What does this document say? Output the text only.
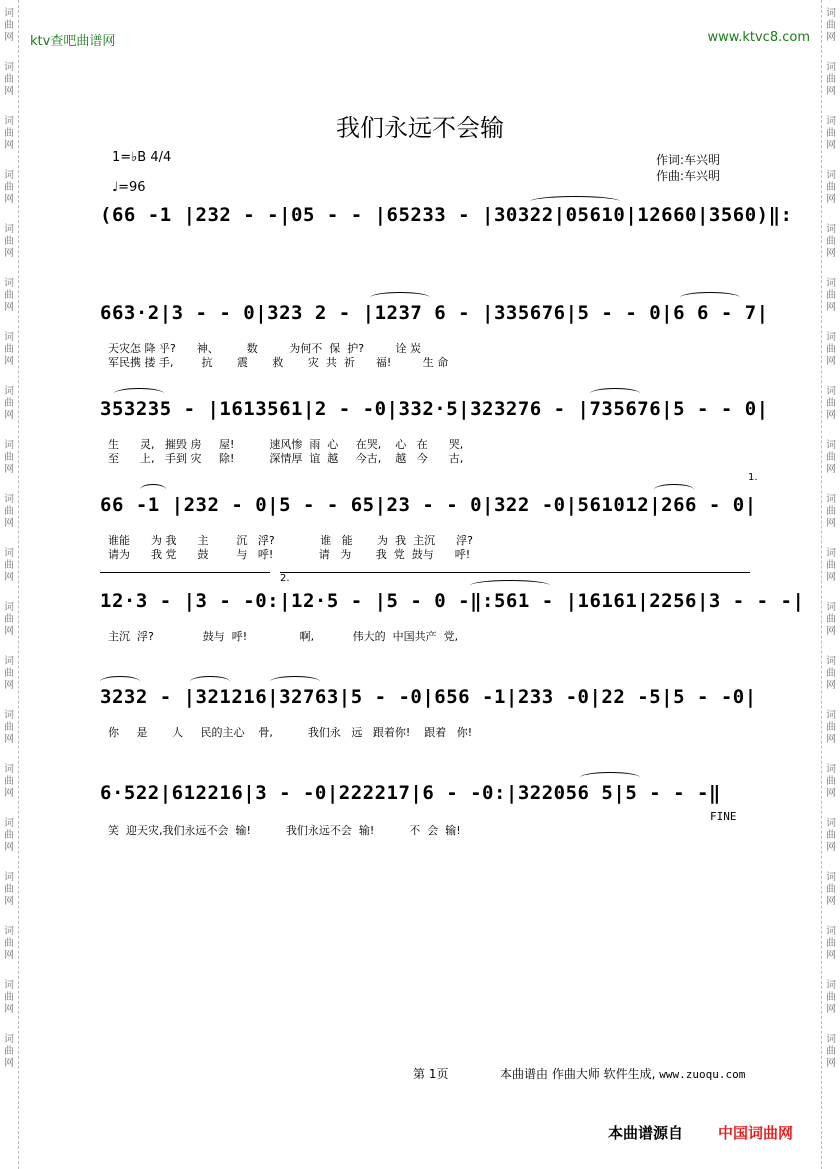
词
曲
网
词
曲
网
词
曲
网
词
曲
网
词
曲
网
词
曲
网
词
曲
网
词
曲
网
词
曲
网
词
曲
网
词
曲
网
词
曲
网
词
曲
网
词
曲
网
词
曲
网
词
曲
网
词
曲
网
词
曲
网
词
曲
网
词
曲
网
词
曲
网
词
曲
网
词
曲
网
词
曲
网
词
曲
网
词
曲
网
词
曲
网
词
曲
网
词
曲
网
词
曲
网
词
曲
网
词
曲
网
词
曲
网
词
曲
网
词
曲
网
词
曲
网
词
曲
网
词
曲
网
词
曲
网
词
曲
网
ktv查吧曲谱网	www.ktvc8.com
我们永远不会输
1=♭B 4/4
♩=96
作词:车兴明
作曲:车兴明
(66 -1 |232 - -|05 - - |65233 - |30322|05610|12660|3560)‖:
663·2|3 - - 0|323 2 - |1237 6 - |335676|5 - - 0|6 6 - 7|
天灾怎 降 乎?      神、        数         为何不  保  护?         诠 炭
军民携 搂 手,        抗       震       救       灾  共  祈      福!         生 命
353235 - |1613561|2 - -0|332·5|323276 - |735676|5 - - 0|
生      灵,   摧毁 房     屋!          速风惨  雨  心     在哭,    心   在      哭,
至      上,   手到 灾     除!          深情厚  谊  越     今古,    越   今      古,
66 -1 |232 - 0|5 - - 65|23 - - 0|322 -0|561012|266 - 0|
谁能      为 我      主        沉   浮?             谁   能       为  我  主沉      浮?
请为      我 党      鼓        与   呼!             请   为       我  党  鼓与      呼!
1.
2.
12·3 - |3 - -0:|12·5 - |5 - 0 -‖:561 - |16161|2256|3 - - -|
主沉  浮?              鼓与  呼!               啊,           伟大的  中国共产  党,
3232 - |321216|32763|5 - -0|656 -1|233 -0|22 -5|5 - -0|
你     是       人     民的主心    骨,          我们永   远   跟着你!    跟着   你!
6·522|612216|3 - -0|222217|6 - -0:|322056 5|5 - - -‖
笑  迎天灾,我们永远不会  输!          我们永远不会  输!          不  会  输!
FINE
第 1页	本曲谱由 作曲大师 软件生成, www.zuoqu.com
本曲谱源自 中国词曲网
